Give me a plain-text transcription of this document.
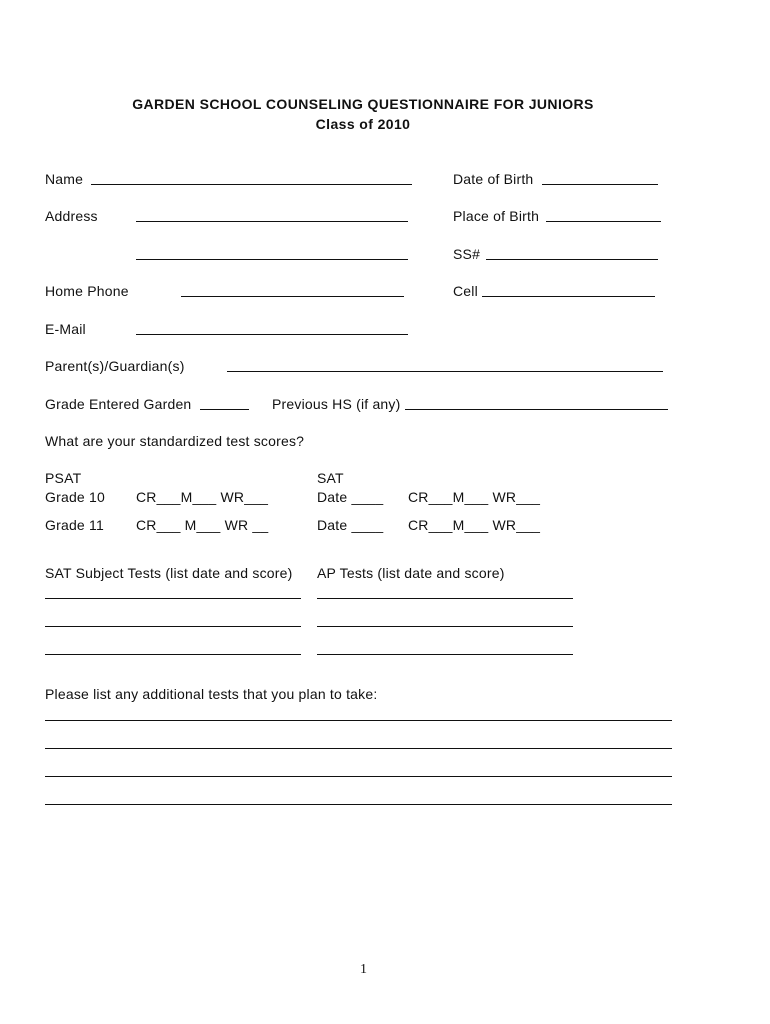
GARDEN SCHOOL COUNSELING QUESTIONNAIRE FOR JUNIORS
Class of 2010
Name	Date of Birth
Address	Place of Birth
SS#
Home Phone	Cell
E-Mail
Parent(s)/Guardian(s)
Grade Entered Garden	Previous HS (if any)
What are your standardized test scores?
PSAT	SAT
Grade 10 CR___M___ WR___	Date ____ CR___M___ WR___
Grade 11 CR___ M___ WR __	Date ____ CR___M___ WR___
SAT Subject Tests (list date and score) AP Tests (list date and score)
Please list any additional tests that you plan to take:
1
